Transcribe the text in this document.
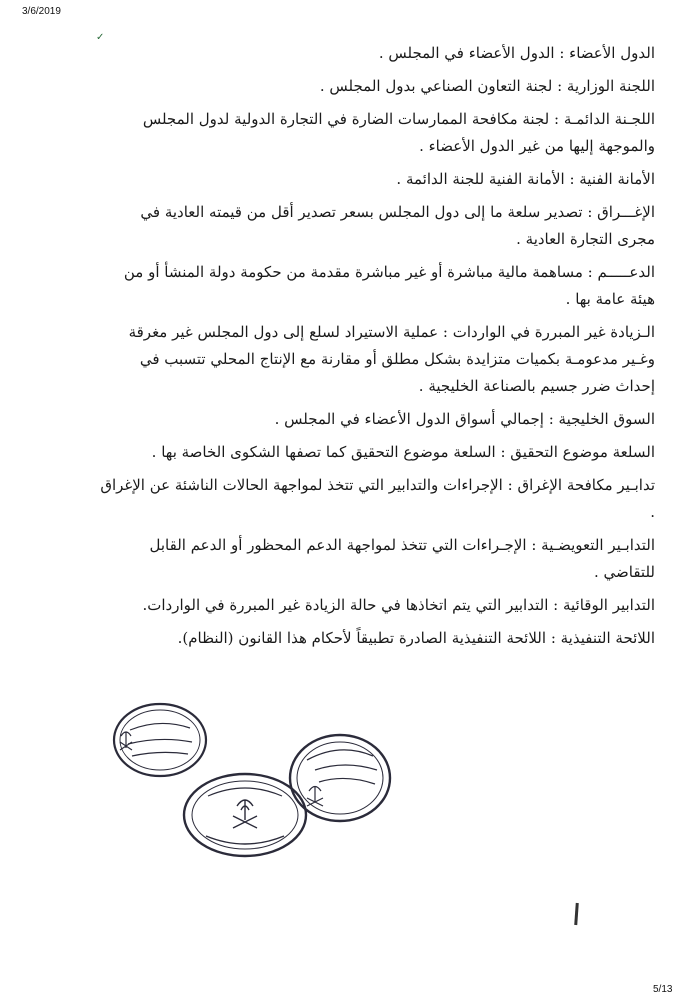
3/6/2019
✓

الدول الأعضاء : الدول الأعضاء في المجلس .

اللجنة الوزارية : لجنة التعاون الصناعي بدول المجلس .

اللجـنة الدائمـة : لجنة مكافحة الممارسات الضارة في التجارة الدولية لدول المجلس والموجهة إليها من غير الدول الأعضاء .

الأمانة الفنية : الأمانة الفنية للجنة الدائمة .

الإغـــراق : تصدير سلعة ما إلى دول المجلس بسعر تصدير أقل من قيمته العادية في مجرى التجارة العادية .

الدعـــــم : مساهمة مالية مباشرة أو غير مباشرة مقدمة من حكومة دولة المنشأ أو من هيئة عامة بها .

الـزيادة غير المبررة في الواردات : عملية الاستيراد لسلع إلى دول المجلس غير مغرقة وغـير مدعومـة بكميات متزايدة بشكل مطلق أو مقارنة مع الإنتاج المحلي تتسبب في إحداث ضرر جسيم بالصناعة الخليجية .

السوق الخليجية : إجمالي أسواق الدول الأعضاء في المجلس .

السلعة موضوع التحقيق : السلعة موضوع التحقيق كما تصفها الشكوى الخاصة بها .

تدابـير مكافحة الإغراق : الإجراءات والتدابير التي تتخذ لمواجهة الحالات الناشئة عن الإغراق .

التدابـير التعويضـية : الإجـراءات التي تتخذ لمواجهة الدعم المحظور أو الدعم القابل للتقاضي .

التدابير الوقائية : التدابير التي يتم اتخاذها في حالة الزيادة غير المبررة في الواردات.

اللائحة التنفيذية : اللائحة التنفيذية الصادرة تطبيقاً لأحكام هذا القانون (النظام).

5/13
